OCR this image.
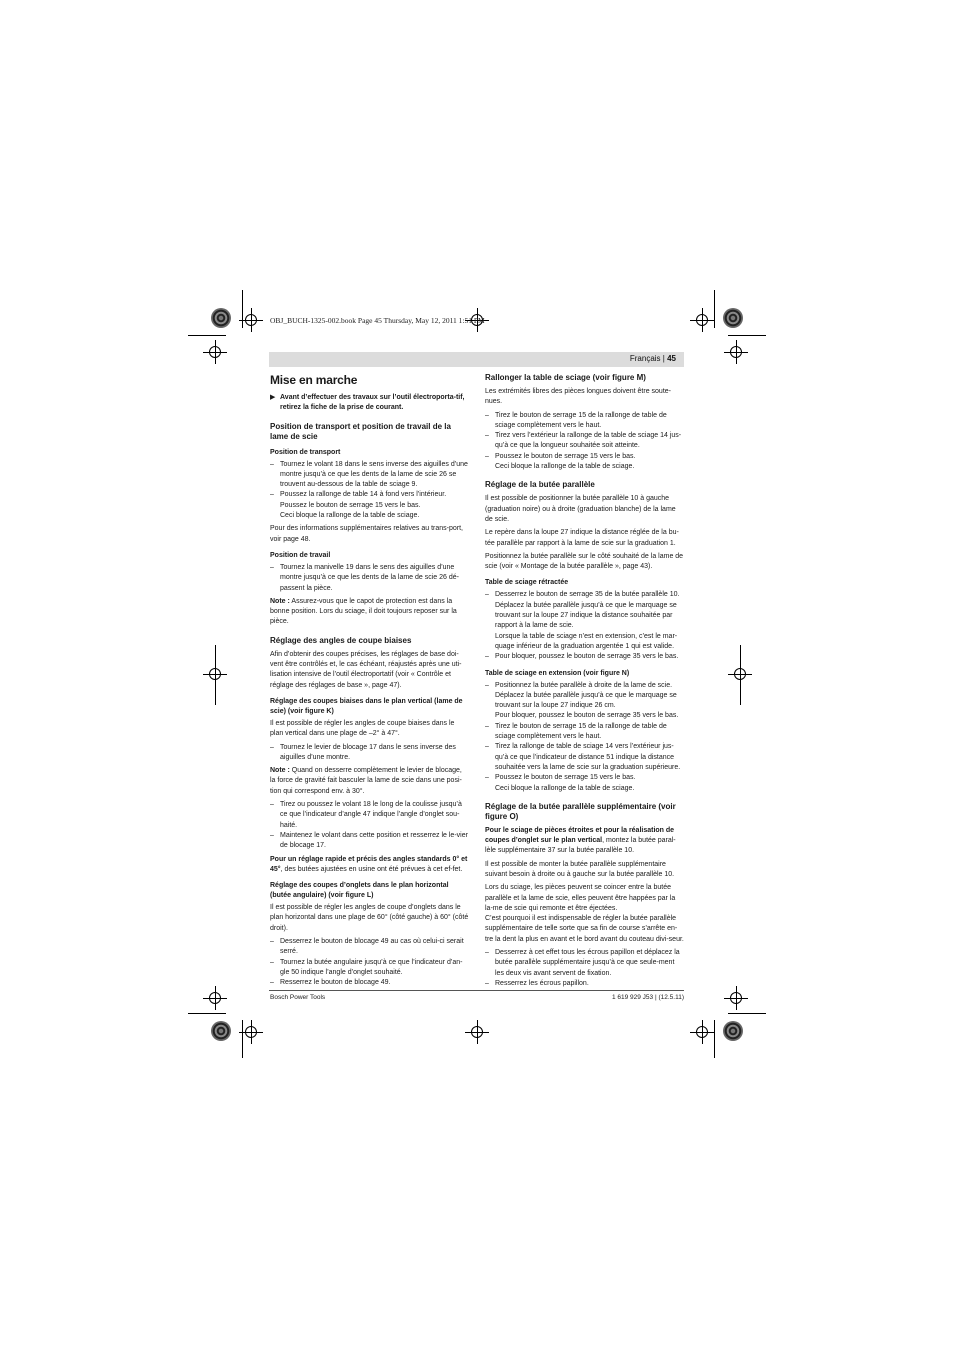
OBJ_BUCH-1325-002.book Page 45 Thursday, May 12, 2011 1:51 PM
Français | 45
Mise en marche
▶ Avant d’effectuer des travaux sur l’outil électroporta-tif, retirez la fiche de la prise de courant.
Position de transport et position de travail de la lame de scie
Position de transport
– Tournez le volant 18 dans le sens inverse des aiguilles d’une montre jusqu’à ce que les dents de la lame de scie 26 se trouvent au-dessous de la table de sciage 9.
– Poussez la rallonge de table 14 à fond vers l’intérieur. Poussez le bouton de serrage 15 vers le bas.

Ceci bloque la rallonge de la table de sciage.

Pour des informations supplémentaires relatives au trans-port, voir page 48.

Position de travail
– Tournez la manivelle 19 dans le sens des aiguilles d’une montre jusqu’à ce que les dents de la lame de scie 26 dé-passent la pièce.

Note : Assurez-vous que le capot de protection est dans la bonne position. Lors du sciage, il doit toujours reposer sur la pièce.

Réglage des angles de coupe biaises

Afin d’obtenir des coupes précises, les réglages de base doi-vent être contrôlés et, le cas échéant, réajustés après une uti-lisation intensive de l’outil électroportatif (voir « Contrôle et réglage des réglages de base », page 47).

Réglage des coupes biaises dans le plan vertical (lame de scie) (voir figure K)

Il est possible de régler les angles de coupe biaises dans le plan vertical dans une plage de –2° à 47°.

– Tournez le levier de blocage 17 dans le sens inverse des aiguilles d’une montre.

Note : Quand on desserre complètement le levier de blocage, la force de gravité fait basculer la lame de scie dans une posi-tion qui correspond env. à 30°.

– Tirez ou poussez le volant 18 le long de la coulisse jusqu’à ce que l’indicateur d’angle 47 indique l’angle d’onglet sou-haité.
– Maintenez le volant dans cette position et resserrez le le-vier de blocage 17.

Pour un réglage rapide et précis des angles standards 0° et 45°, des butées ajustées en usine ont été prévues à cet ef-fet.

Réglage des coupes d’onglets dans le plan horizontal (butée angulaire) (voir figure L)

Il est possible de régler les angles de coupe d’onglets dans le plan horizontal dans une plage de 60° (côté gauche) à 60° (côté droit).

– Desserrez le bouton de blocage 49 au cas où celui-ci serait serré.
– Tournez la butée angulaire jusqu’à ce que l’indicateur d’an-gle 50 indique l’angle d’onglet souhaité.
– Resserrez le bouton de blocage 49.
Rallonger la table de sciage (voir figure M)

Les extrémités libres des pièces longues doivent être soute-nues.

– Tirez le bouton de serrage 15 de la rallonge de table de sciage complètement vers le haut.
– Tirez vers l’extérieur la rallonge de la table de sciage 14 jus-qu’à ce que la longueur souhaitée soit atteinte.
– Poussez le bouton de serrage 15 vers le bas.

Ceci bloque la rallonge de la table de sciage.

Réglage de la butée parallèle

Il est possible de positionner la butée parallèle 10 à gauche (graduation noire) ou à droite (graduation blanche) de la lame de scie.

Le repère dans la loupe 27 indique la distance réglée de la bu-tée parallèle par rapport à la lame de scie sur la graduation 1.

Positionnez la butée parallèle sur le côté souhaité de la lame de scie (voir « Montage de la butée parallèle », page 43).

Table de sciage rétractée
– Desserrez le bouton de serrage 35 de la butée parallèle 10.
Déplacez la butée parallèle jusqu’à ce que le marquage se trouvant sur la loupe 27 indique la distance souhaitée par rapport à la lame de scie.
Lorsque la table de sciage n’est en extension, c’est le mar-quage inférieur de la graduation argentée 1 qui est valide.
– Pour bloquer, poussez le bouton de serrage 35 vers le bas.
Table de sciage en extension (voir figure N)
– Positionnez la butée parallèle à droite de la lame de scie.
Déplacez la butée parallèle jusqu’à ce que le marquage se trouvant sur la loupe 27 indique 26 cm.
Pour bloquer, poussez le bouton de serrage 35 vers le bas.
– Tirez le bouton de serrage 15 de la rallonge de table de sciage complètement vers le haut.
– Tirez la rallonge de table de sciage 14 vers l’extérieur jus-qu’à ce que l’indicateur de distance 51 indique la distance souhaitée vers la lame de scie sur la graduation supérieure.
– Poussez le bouton de serrage 15 vers le bas.

Ceci bloque la rallonge de la table de sciage.

Réglage de la butée parallèle supplémentaire (voir figure O)

Pour le sciage de pièces étroites et pour la réalisation de coupes d’onglet sur le plan vertical, montez la butée paral-lèle supplémentaire 37 sur la butée parallèle 10.

Il est possible de monter la butée parallèle supplémentaire suivant besoin à droite ou à gauche sur la butée parallèle 10.

Lors du sciage, les pièces peuvent se coincer entre la butée parallèle et la lame de scie, elles peuvent être happées par la la-me de scie qui remonte et être éjectées.

C’est pourquoi il est indispensable de régler la butée parallèle supplémentaire de telle sorte que sa fin de course s’arrête en-tre la dent la plus en avant et le bord avant du couteau divi-seur.

– Desserrez à cet effet tous les écrous papillon et déplacez la butée parallèle supplémentaire jusqu’à ce que seule-ment les deux vis avant servent de fixation.
– Resserrez les écrous papillon.
Bosch Power Tools	1 619 929 J53 | (12.5.11)
